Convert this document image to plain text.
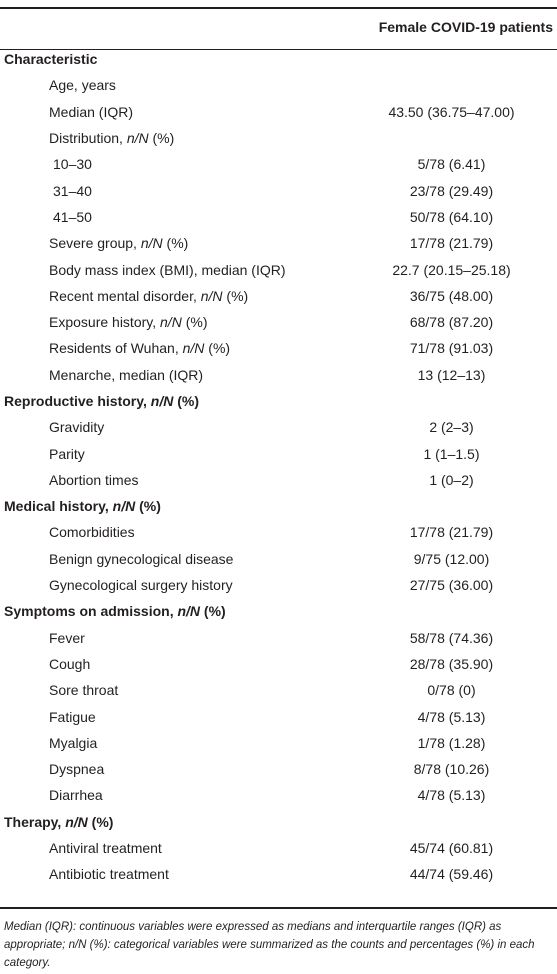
	Female COVID-19 patients
Characteristic	
Age, years	
Median (IQR)	43.50 (36.75–47.00)
Distribution, n/N (%)	
10–30	5/78 (6.41)
31–40	23/78 (29.49)
41–50	50/78 (64.10)
Severe group, n/N (%)	17/78 (21.79)
Body mass index (BMI), median (IQR)	22.7 (20.15–25.18)
Recent mental disorder, n/N (%)	36/75 (48.00)
Exposure history, n/N (%)	68/78 (87.20)
Residents of Wuhan, n/N (%)	71/78 (91.03)
Menarche, median (IQR)	13 (12–13)
Reproductive history, n/N (%)	
Gravidity	2 (2–3)
Parity	1 (1–1.5)
Abortion times	1 (0–2)
Medical history, n/N (%)	
Comorbidities	17/78 (21.79)
Benign gynecological disease	9/75 (12.00)
Gynecological surgery history	27/75 (36.00)
Symptoms on admission, n/N (%)	
Fever	58/78 (74.36)
Cough	28/78 (35.90)
Sore throat	0/78 (0)
Fatigue	4/78 (5.13)
Myalgia	1/78 (1.28)
Dyspnea	8/78 (10.26)
Diarrhea	4/78 (5.13)
Therapy, n/N (%)	
Antiviral treatment	45/74 (60.81)
Antibiotic treatment	44/74 (59.46)
Median (IQR): continuous variables were expressed as medians and interquartile ranges (IQR) as appropriate; n/N (%): categorical variables were summarized as the counts and percentages (%) in each category.
